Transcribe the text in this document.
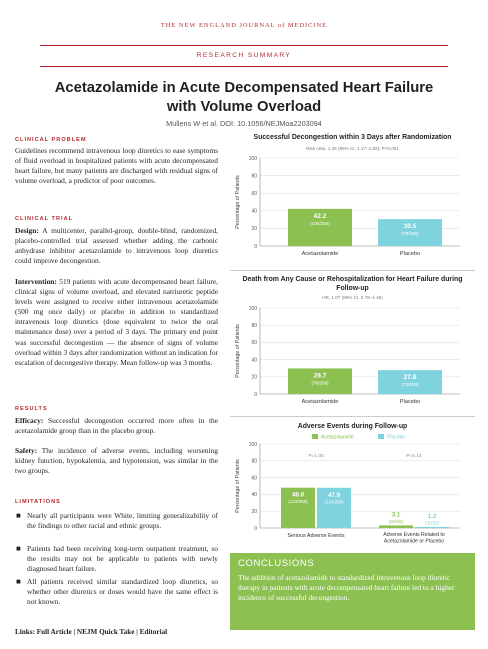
THE NEW ENGLAND JOURNAL of MEDICINE
RESEARCH SUMMARY
Acetazolamide in Acute Decompensated Heart Failure
with Volume Overload
Mullens W et al. DOI: 10.1056/NEJMoa2203094
CLINICAL PROBLEM
Guidelines recommend intravenous loop diuretics to ease symptoms of fluid overload in hospitalized patients with acute decompensated heart failure, but many patients are discharged with residual signs of volume overload, a predictor of poor outcomes.
CLINICAL TRIAL
Design: A multicenter, parallel-group, double-blind, randomized, placebo-controlled trial assessed whether adding the carbonic anhydrase inhibitor acetazolamide to intravenous loop diuretics could improve decongestion.
Intervention: 519 patients with acute decompensated heart failure, clinical signs of volume overload, and elevated natriuretic peptide levels were assigned to receive either intravenous acetazolamide (500 mg once daily) or placebo in addition to standardized intravenous loop diuretics (dose equivalent to twice the oral maintenance dose) over a period of 3 days. The primary end point was successful decongestion — the absence of signs of volume overload within 3 days after randomization without an indication for escalation of decongestive therapy. Mean follow-up was 3 months.
RESULTS
Efficacy: Successful decongestion occurred more often in the acetazolamide group than in the placebo group.
Safety: The incidence of adverse events, including worsening kidney function, hypokalemia, and hypotension, was similar in the two groups.
LIMITATIONS
■ Nearly all participants were White, limiting generalizability of the findings to other racial and ethnic groups.
■ Patients had been receiving long-term outpatient treatment, so the results may not be applicable to patients with newly diagnosed heart failure.
■ All patients received similar standardized loop diuretics, so whether other diuretics or doses would have the same effect is not known.
Links: Full Article | NEJM Quick Take | Editorial
Successful Decongestion within 3 Days after Randomization
Risk ratio, 1.46 (95% CI, 1.17–1.82); P<0.001
0
20
40
60
80
100
Percentage of Patients	42.2
(108/256)
Acetazolamide
30.5
(79/259)
Placebo
Death from Any Cause or Rehospitalization for Heart Failure during Follow-up
HR, 1.07 (95% CI, 0.78–1.48)
0
20
40
60
80
100
Percentage of Patients	29.7
(76/256)
Acetazolamide
27.8
(72/259)
Placebo
Adverse Events during Follow-up
0
20
40
60
80
100
Percentage of Patients
Acetazolamide	Placebo
P=1.00
48.0
(123/256)
47.9
(124/259)
P=0.14
3.1
(8/256)
1.2
(3/259)
Serious Adverse Events	Adverse Events Related to Acetazolamide or Placebo
CONCLUSIONS
The addition of acetazolamide to standardized intravenous loop diuretic therapy in patients with acute decompensated heart failure led to a higher incidence of successful decongestion.
